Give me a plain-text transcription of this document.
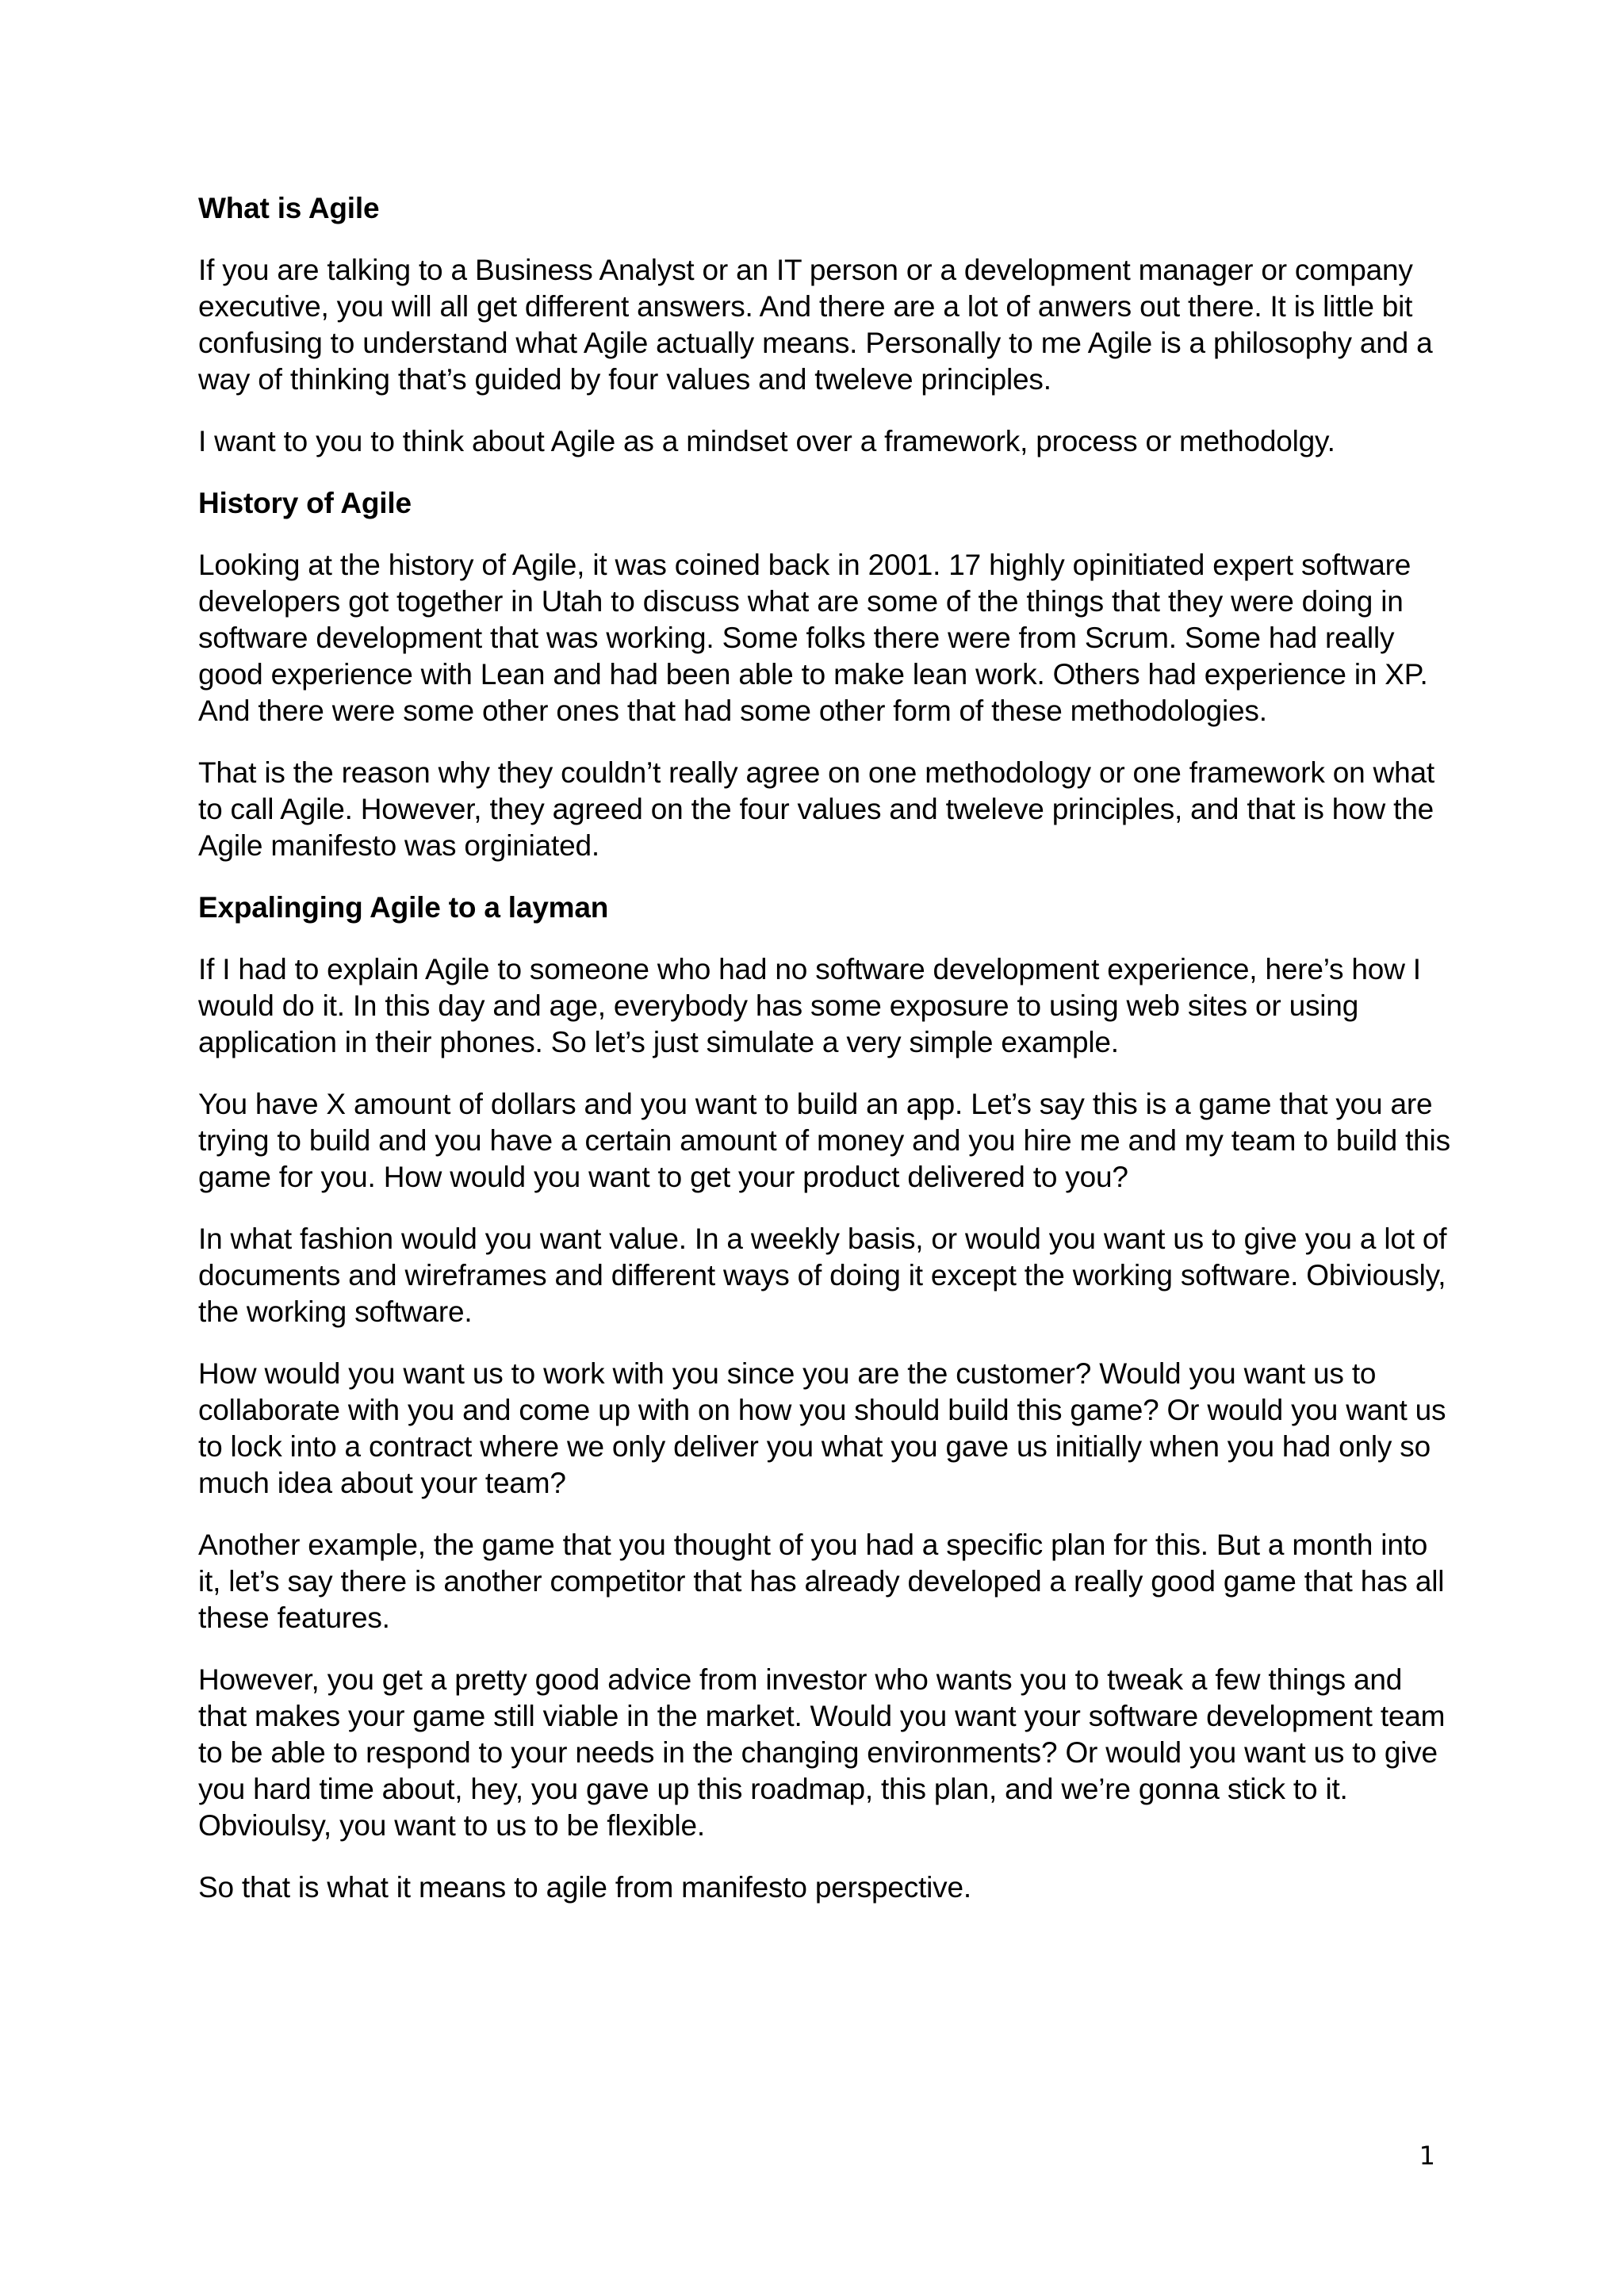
What is Agile

If you are talking to a Business Analyst or an IT person or a development manager or company executive, you will all get different answers. And there are a lot of anwers out there. It is little bit confusing to understand what Agile actually means. Personally to me Agile is a philosophy and a way of thinking that’s guided by four values and tweleve principles.

I want to you to think about Agile as a mindset over a framework, process or methodolgy.

History of Agile

Looking at the history of Agile, it was coined back in 2001. 17 highly opinitiated expert software developers got together in Utah to discuss what are some of the things that they were doing in software development that was working. Some folks there were from Scrum. Some had really good experience with Lean and had been able to make lean work. Others had experience in XP. And there were some other ones that had some other form of these methodologies.

That is the reason why they couldn’t really agree on one methodology or one framework on what to call Agile. However, they agreed on the four values and tweleve principles, and that is how the Agile manifesto was orginiated.

Expalinging Agile to a layman

If I had to explain Agile to someone who had no software development experience, here’s how I would do it. In this day and age, everybody has some exposure to using web sites or using application in their phones. So let’s just simulate a very simple example.

You have X amount of dollars and you want to build an app. Let’s say this is a game that you are trying to build and you have a certain amount of money and you hire me and my team to build this game for you. How would you want to get your product delivered to you?

In what fashion would you want value. In a weekly basis, or would you want us to give you a lot of documents and wireframes and different ways of doing it except the working software. Obiviously, the working software.

How would you want us to work with you since you are the customer? Would you want us to collaborate with you and come up with on how you should build this game? Or would you want us to lock into a contract where we only deliver you what you gave us initially when you had only so much idea about your team?

Another example, the game that you thought of you had a specific plan for this. But a month into it, let’s say there is another competitor that has already developed a really good game that has all these features.

However, you get a pretty good advice from investor who wants you to tweak a few things and that makes your game still viable in the market. Would you want your software development team to be able to respond to your needs in the changing environments? Or would you want us to give you hard time about, hey, you gave up this roadmap, this plan, and we’re gonna stick to it. Obvioulsy, you want to us to be flexible.

So that is what it means to agile from manifesto perspective.

1
